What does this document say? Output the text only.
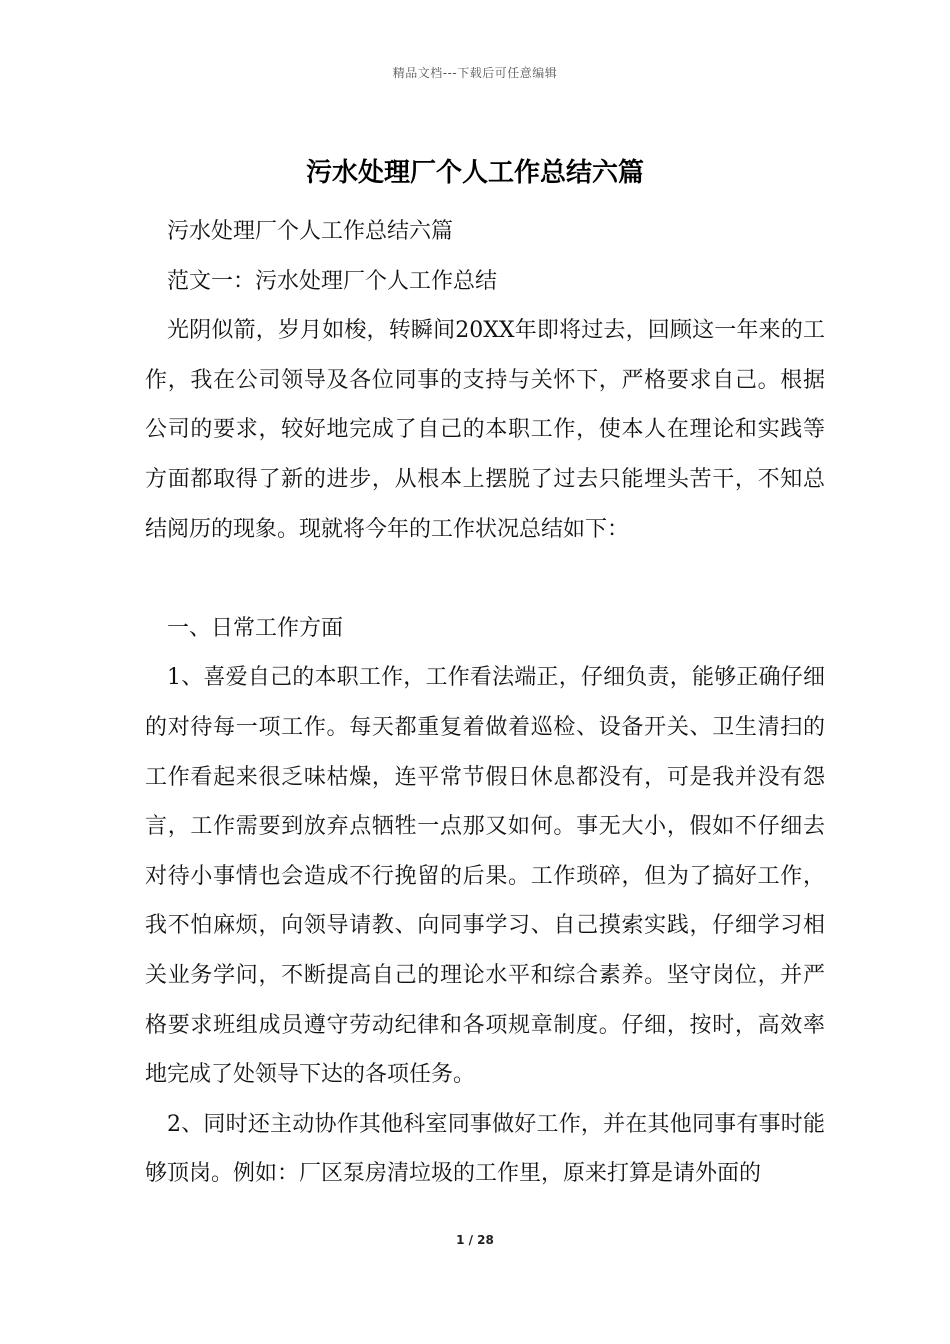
精品文档---下载后可任意编辑
污水处理厂个人工作总结六篇

污水处理厂个人工作总结六篇

范文一：污水处理厂个人工作总结

光阴似箭，岁月如梭，转瞬间20XX年即将过去，回顾这一年来的工作，我在公司领导及各位同事的支持与关怀下，严格要求自己。根据公司的要求，较好地完成了自己的本职工作，使本人在理论和实践等方面都取得了新的进步，从根本上摆脱了过去只能埋头苦干，不知总结阅历的现象。现就将今年的工作状况总结如下：

一、日常工作方面

1、喜爱自己的本职工作，工作看法端正，仔细负责，能够正确仔细的对待每一项工作。每天都重复着做着巡检、设备开关、卫生清扫的工作看起来很乏味枯燥，连平常节假日休息都没有，可是我并没有怨言，工作需要到放弃点牺牲一点那又如何。事无大小，假如不仔细去对待小事情也会造成不行挽留的后果。工作琐碎，但为了搞好工作，我不怕麻烦，向领导请教、向同事学习、自己摸索实践，仔细学习相关业务学问，不断提高自己的理论水平和综合素养。坚守岗位，并严格要求班组成员遵守劳动纪律和各项规章制度。仔细，按时，高效率地完成了处领导下达的各项任务。

2、同时还主动协作其他科室同事做好工作，并在其他同事有事时能够顶岗。例如：厂区泵房清垃圾的工作里，原来打算是请外面的

1 / 28
